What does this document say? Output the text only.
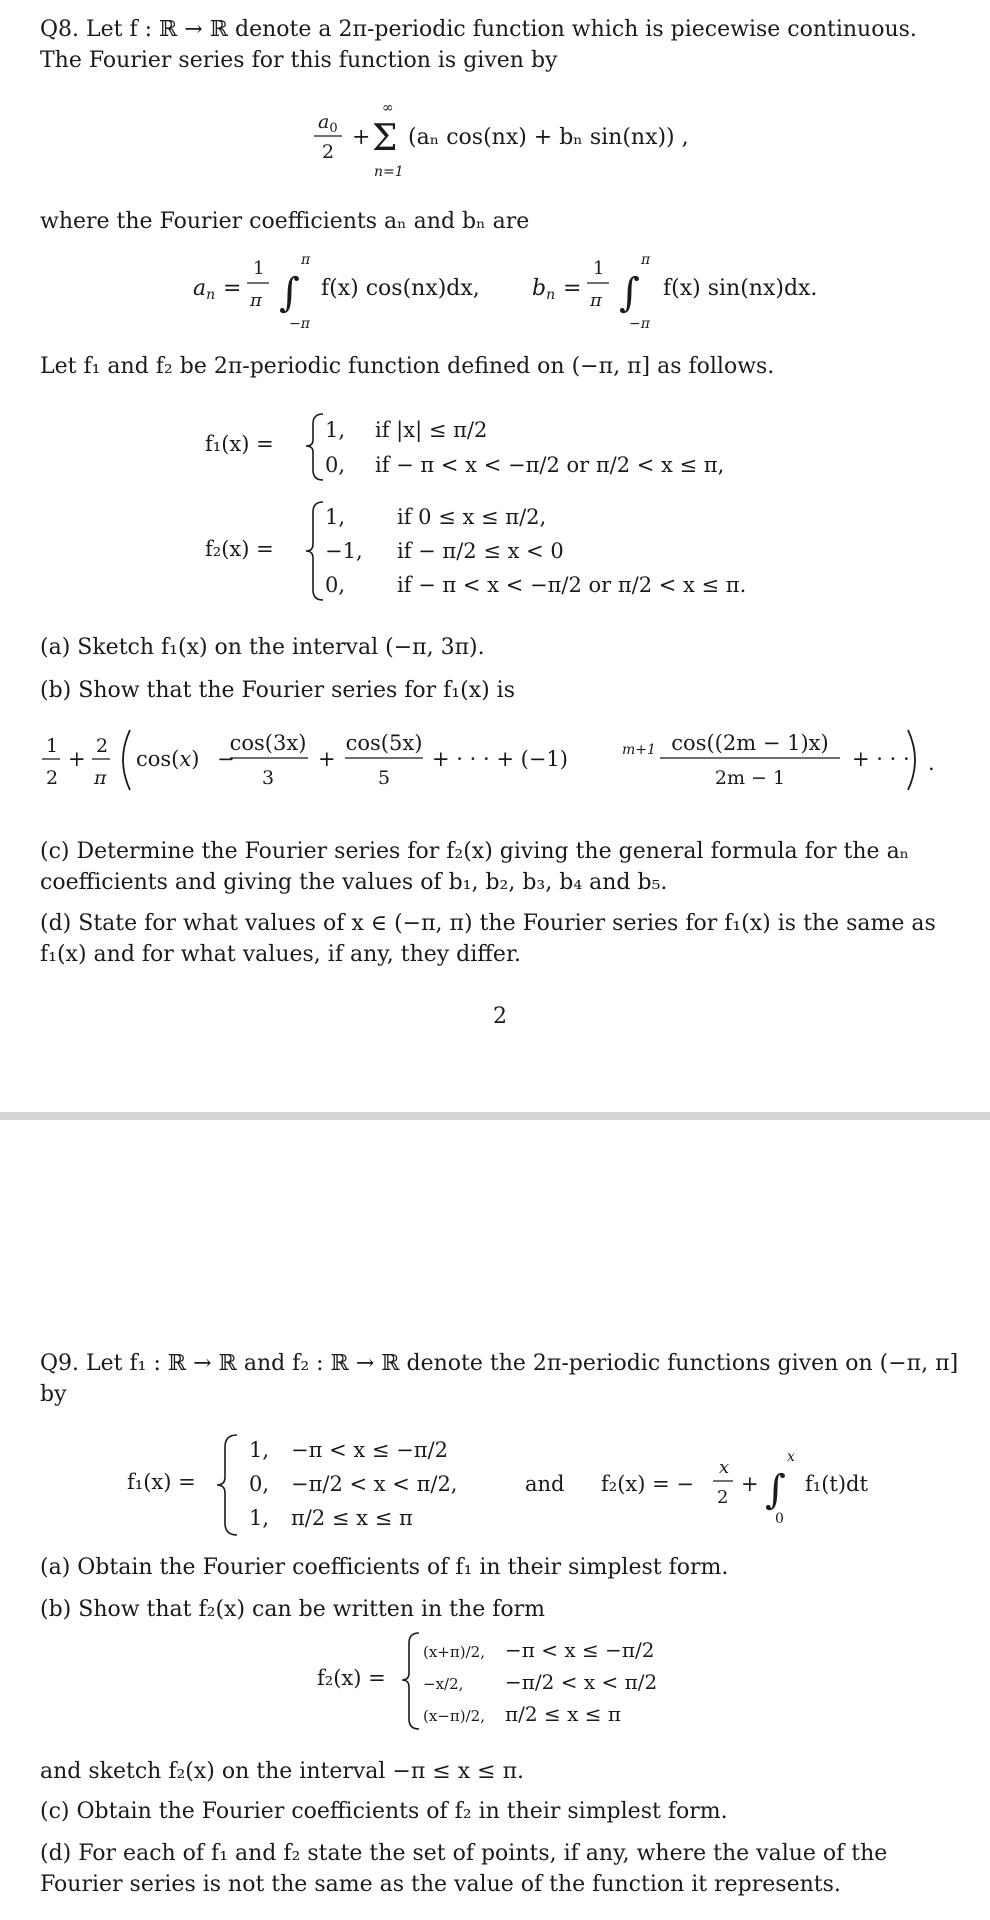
Q8. Let f : ℝ → ℝ denote a 2π-periodic function which is piecewise continuous. The Fourier series for this function is given by
$a_0$
2
+ Σ
∞
n=1
(aₙ cos(nx) + bₙ sin(nx)) ,
where the Fourier coefficients aₙ and bₙ are
an =
1
π ∫
π
−π
f(x) cos(nx)dx, bn =
1
π ∫
π
−π
f(x) sin(nx)dx.
Let f₁ and f₂ be 2π-periodic function defined on (−π, π] as follows.
f₁(x) =
1, if |x| ≤ π/2
0, if − π < x < −π/2 or π/2 < x ≤ π,
f₂(x) =
1, if 0 ≤ x ≤ π/2,
−1, if − π/2 ≤ x < 0
0, if − π < x < −π/2 or π/2 < x ≤ π.
(a) Sketch f₁(x) on the interval (−π, 3π).
(b) Show that the Fourier series for f₁(x) is
1
2
+
2
π
cos(x) −
cos(3x)
3
+
cos(5x)
5
+ · · · + (−1)	m+1 cos((2m − 1)x)
2m − 1
+ · · · .
(c) Determine the Fourier series for f₂(x) giving the general formula for the aₙ coefficients and giving the values of b₁, b₂, b₃, b₄ and b₅.
(d) State for what values of x ∈ (−π, π) the Fourier series for f₁(x) is the same as f₁(x) and for what values, if any, they differ.
2
Q9. Let f₁ : ℝ → ℝ and f₂ : ℝ → ℝ denote the 2π-periodic functions given on (−π, π] by
f₁(x) =
1, −π < x ≤ −π/2
0, −π/2 < x < π/2,
1, π/2 ≤ x ≤ π
and f₂(x) = −
x
2
+ ∫
x
0
f₁(t)dt
(a) Obtain the Fourier coefficients of f₁ in their simplest form.
(b) Show that f₂(x) can be written in the form
f₂(x) =
(x+π)/2, −π < x ≤ −π/2
−x/2, −π/2 < x < π/2
(x−π)/2, π/2 ≤ x ≤ π
and sketch f₂(x) on the interval −π ≤ x ≤ π.
(c) Obtain the Fourier coefficients of f₂ in their simplest form.
(d) For each of f₁ and f₂ state the set of points, if any, where the value of the Fourier series is not the same as the value of the function it represents.
